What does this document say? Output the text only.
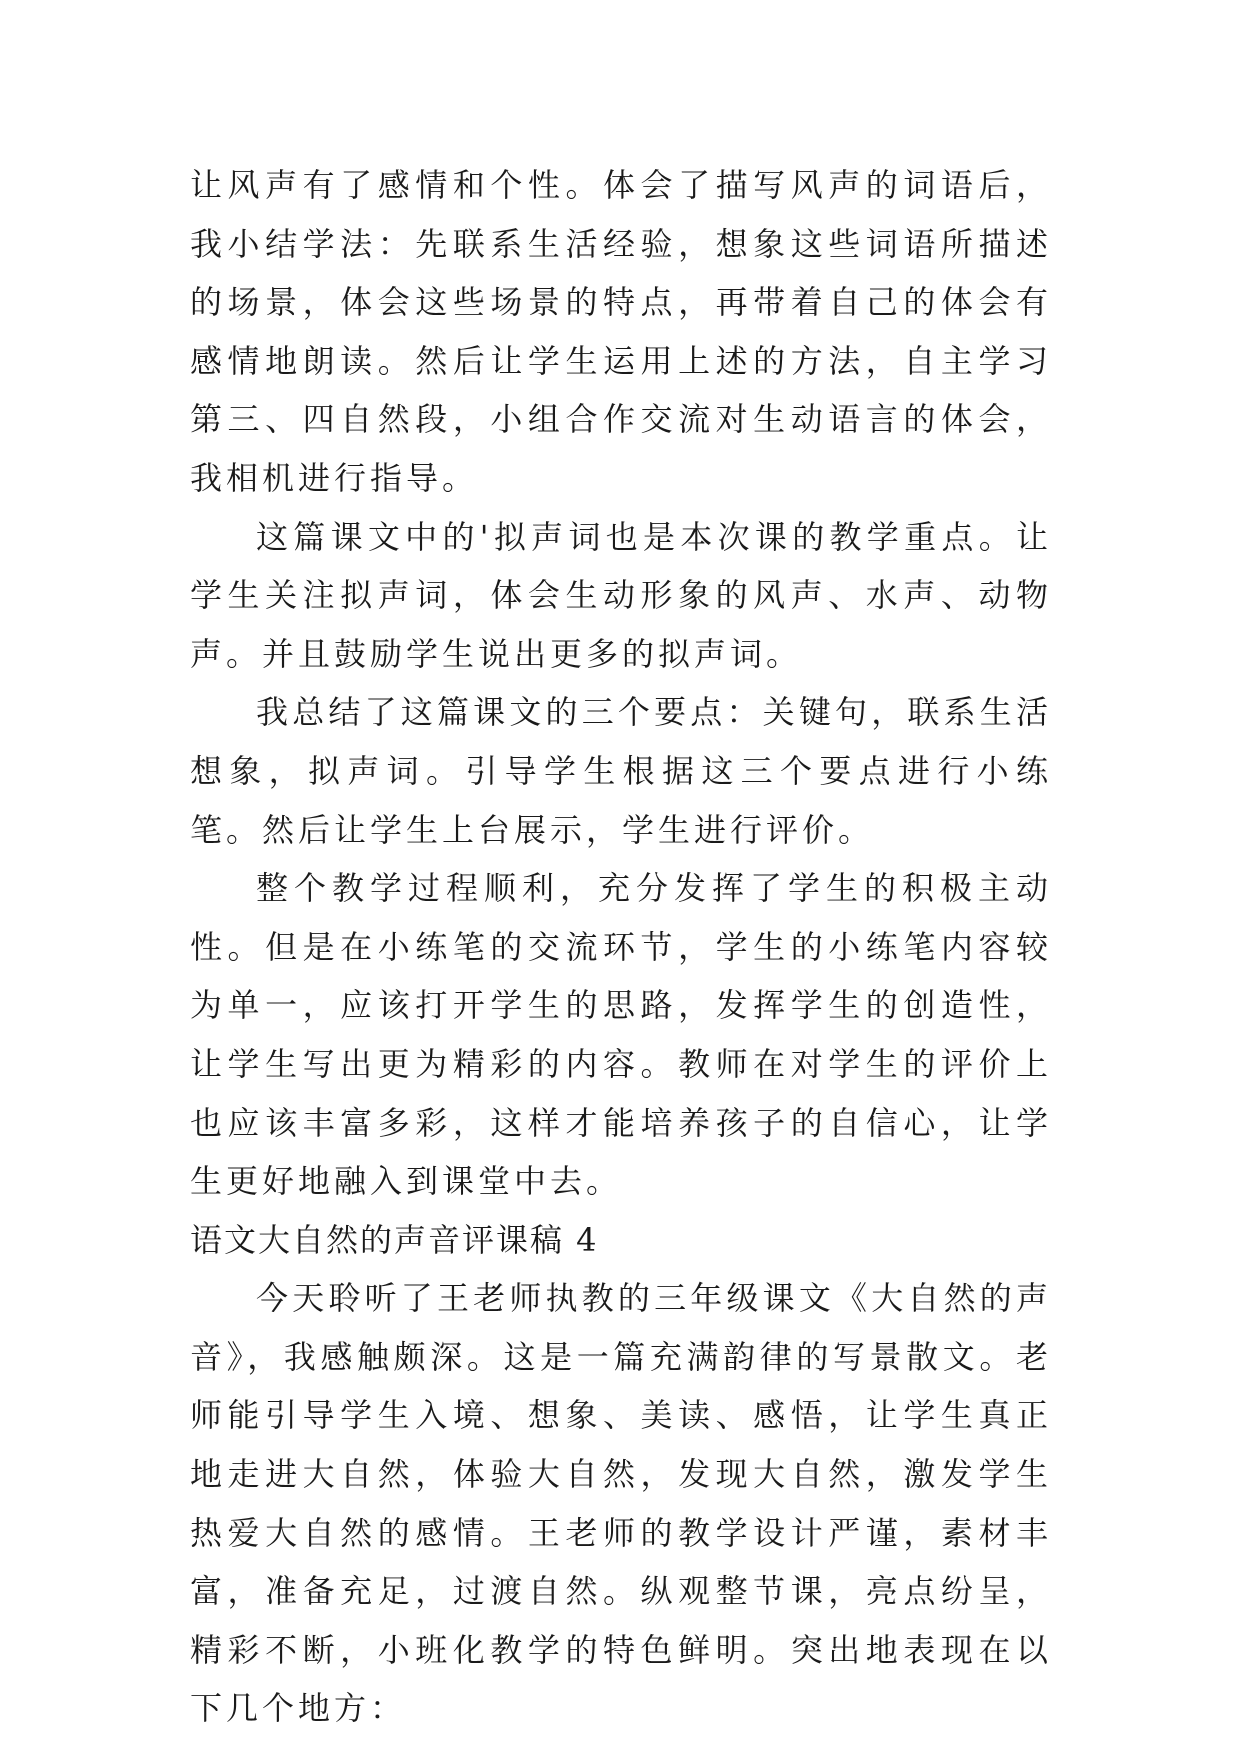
让风声有了感情和个性。体会了描写风声的词语后，我小结学法：先联系生活经验，想象这些词语所描述的场景，体会这些场景的特点，再带着自己的体会有感情地朗读。然后让学生运用上述的方法，自主学习第三、四自然段，小组合作交流对生动语言的体会，我相机进行指导。

这篇课文中的'拟声词也是本次课的教学重点。让学生关注拟声词，体会生动形象的风声、水声、动物声。并且鼓励学生说出更多的拟声词。

我总结了这篇课文的三个要点：关键句，联系生活想象，拟声词。引导学生根据这三个要点进行小练笔。然后让学生上台展示，学生进行评价。

整个教学过程顺利，充分发挥了学生的积极主动性。但是在小练笔的交流环节，学生的小练笔内容较为单一，应该打开学生的思路，发挥学生的创造性，让学生写出更为精彩的内容。教师在对学生的评价上也应该丰富多彩，这样才能培养孩子的自信心，让学生更好地融入到课堂中去。

语文大自然的声音评课稿 4

今天聆听了王老师执教的三年级课文《大自然的声音》，我感触颇深。这是一篇充满韵律的写景散文。老师能引导学生入境、想象、美读、感悟，让学生真正地走进大自然，体验大自然，发现大自然，激发学生热爱大自然的感情。王老师的教学设计严谨，素材丰富，准备充足，过渡自然。纵观整节课，亮点纷呈，精彩不断，小班化教学的特色鲜明。突出地表现在以下几个地方：
